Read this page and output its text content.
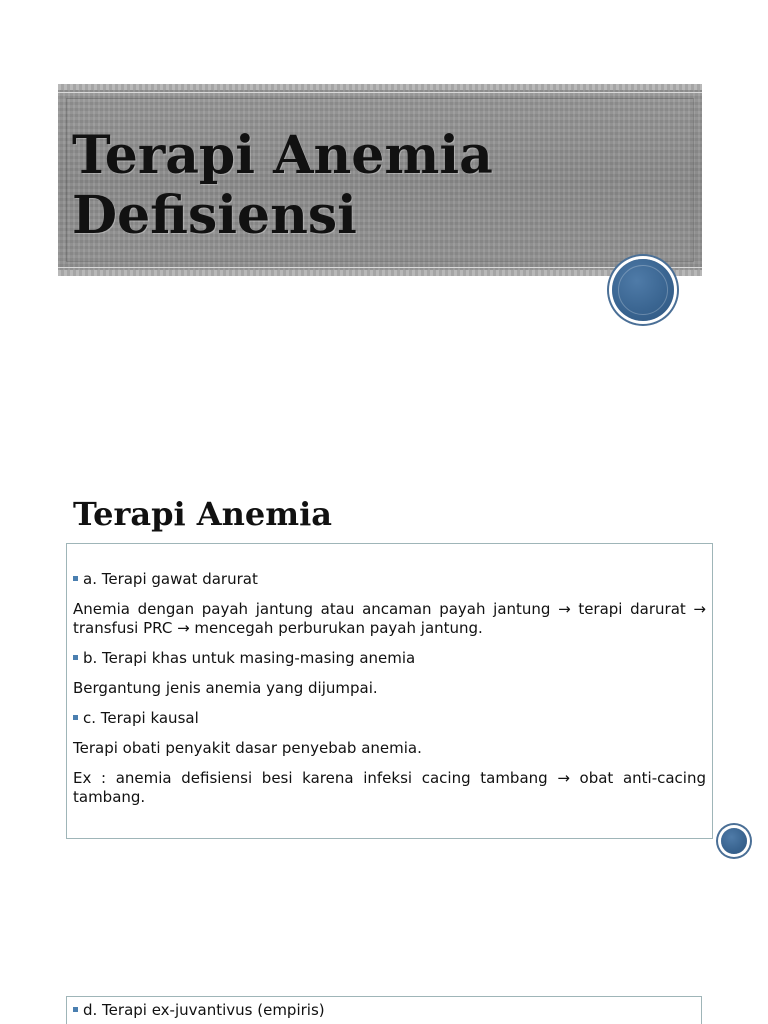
Terapi Anemia Defisiensi
Terapi Anemia

a. Terapi gawat darurat

Anemia dengan payah jantung atau ancaman payah jantung → terapi darurat → transfusi PRC → mencegah perburukan payah jantung.

b. Terapi khas untuk masing-masing anemia

Bergantung jenis anemia yang dijumpai.

c. Terapi kausal

Terapi obati penyakit dasar penyebab anemia.

Ex : anemia defisiensi besi karena infeksi cacing tambang → obat anti-cacing tambang.

d. Terapi ex-juvantivus (empiris)
